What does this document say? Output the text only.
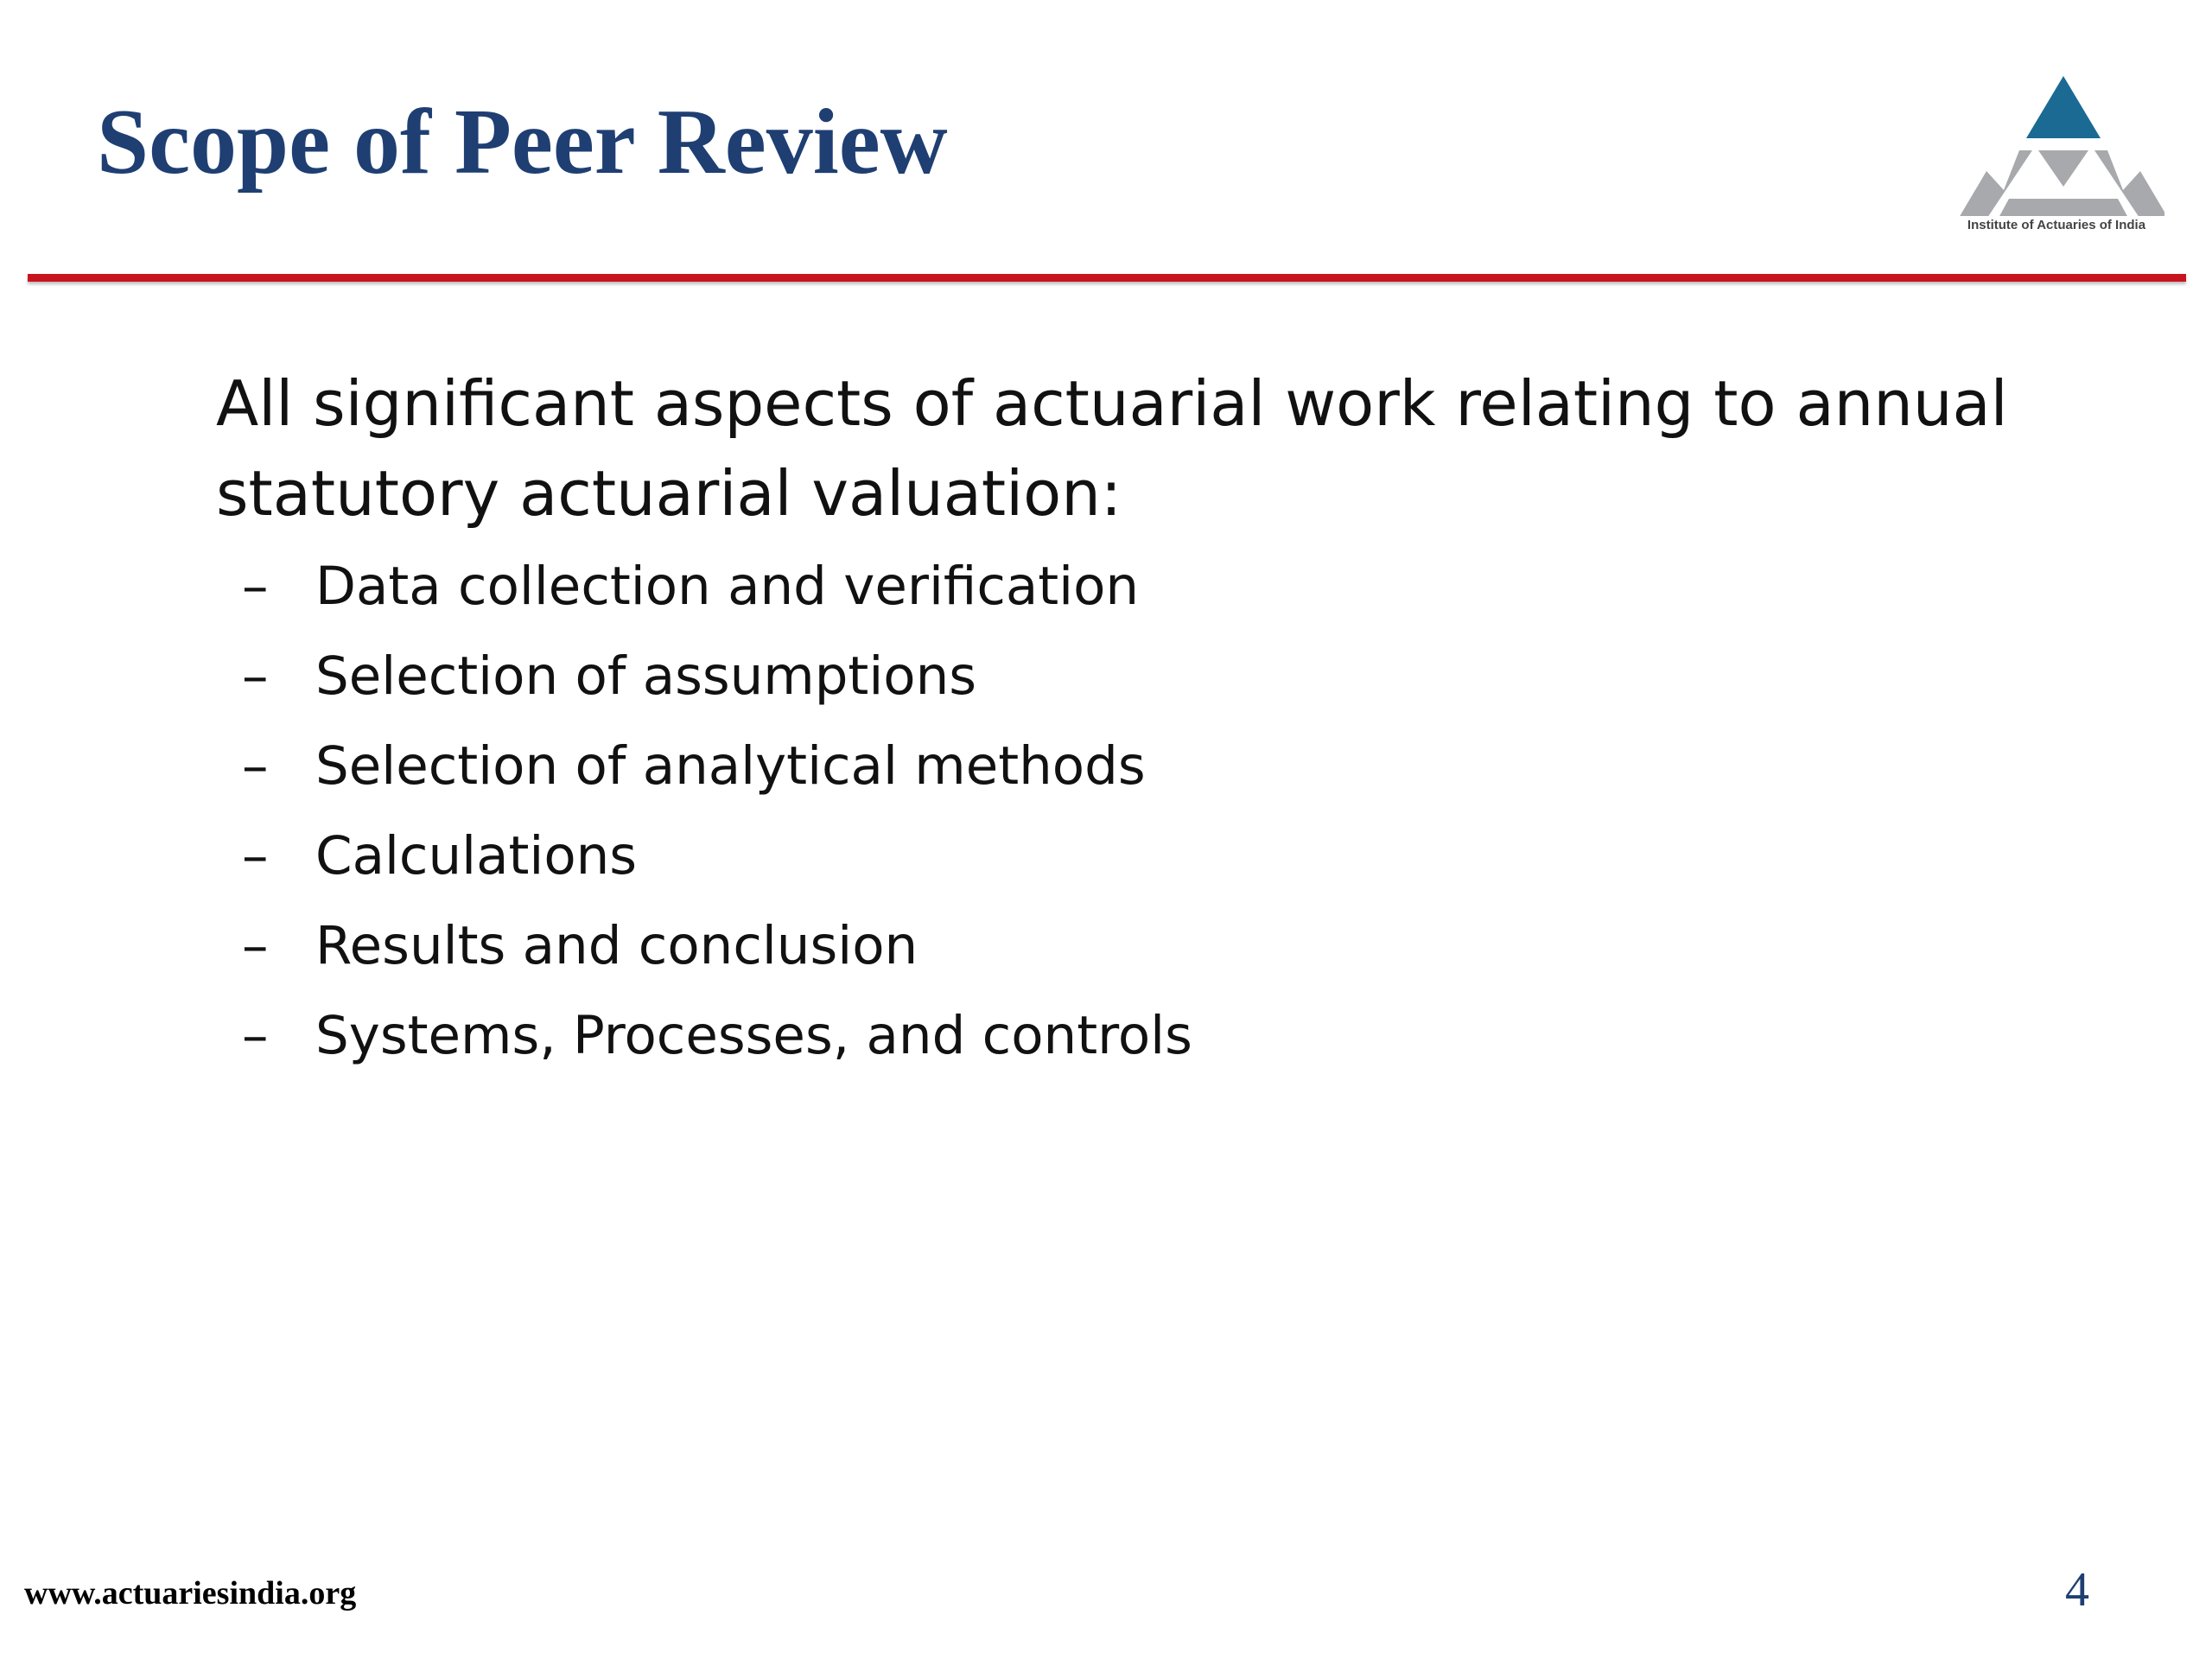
Scope of Peer Review
Institute of Actuaries of India

All significant aspects of actuarial work relating to annual statutory actuarial valuation:

– Data collection and verification
– Selection of assumptions
– Selection of analytical methods
– Calculations
– Results and conclusion
– Systems, Processes, and controls
www.actuariesindia.org	4
